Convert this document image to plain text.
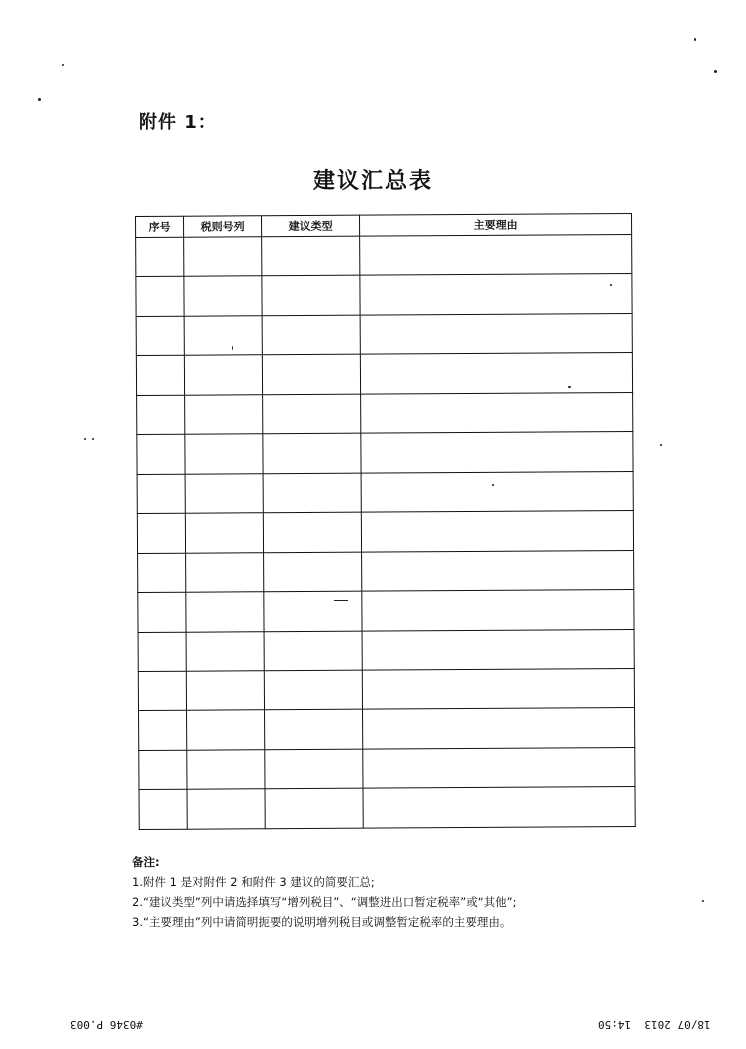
附件 1：
建议汇总表
序号	税则号列	建议类型	主要理由

备注:
1.附件 1 是对附件 2 和附件 3 建议的简要汇总;
2.“建议类型”列中请选择填写“增列税目”、“调整进出口暂定税率”或“其他”;
3.“主要理由”列中请简明扼要的说明增列税目或调整暂定税率的主要理由。
#0346 P.003	18/07 2013  14:50
